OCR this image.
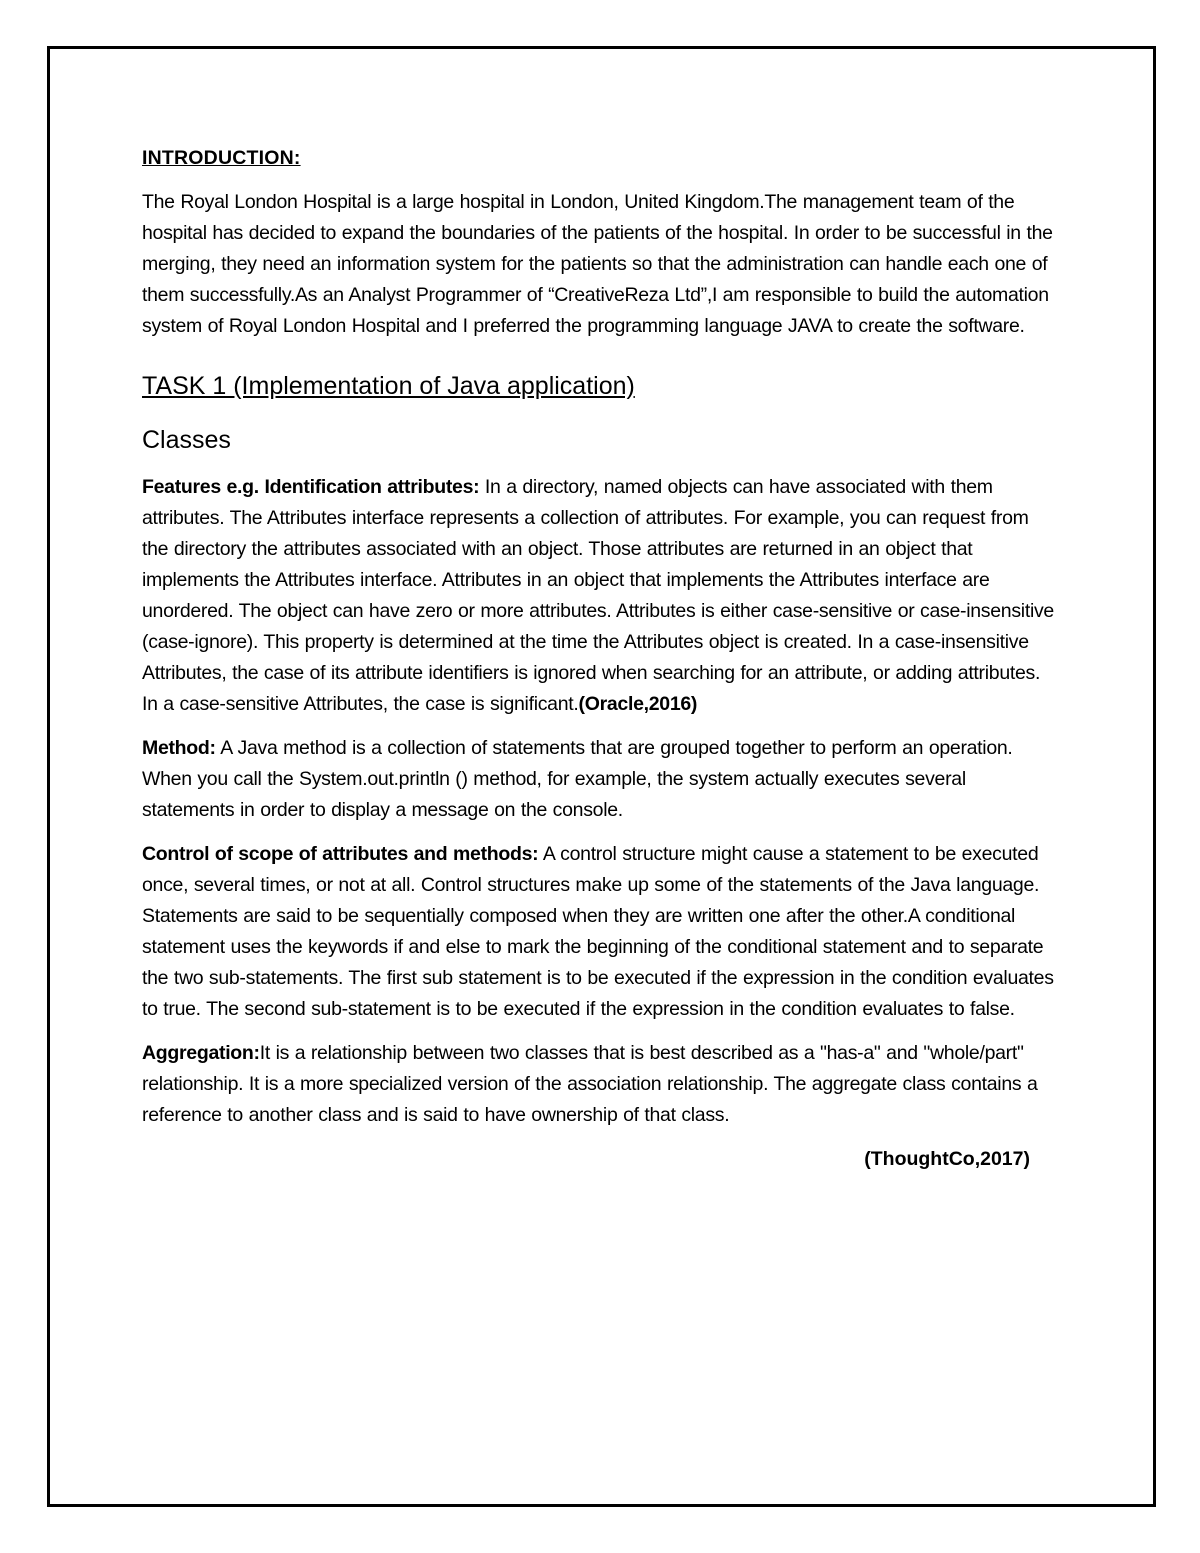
INTRODUCTION:

The Royal London Hospital is a large hospital in London, United Kingdom.The management team of the hospital has decided to expand the boundaries of the patients of the hospital. In order to be successful in the merging, they need an information system for the patients so that the administration can handle each one of them successfully.As an Analyst Programmer of “CreativeReza Ltd”,I am responsible to build the automation system of Royal London Hospital and I preferred the programming language JAVA to create the software.

TASK 1 (Implementation of Java application)
Classes

Features e.g. Identification attributes: In a directory, named objects can have associated with them attributes. The Attributes interface represents a collection of attributes. For example, you can request from the directory the attributes associated with an object. Those attributes are returned in an object that implements the Attributes interface. Attributes in an object that implements the Attributes interface are unordered. The object can have zero or more attributes. Attributes is either case-sensitive or case-insensitive (case-ignore). This property is determined at the time the Attributes object is created. In a case-insensitive Attributes, the case of its attribute identifiers is ignored when searching for an attribute, or adding attributes. In a case-sensitive Attributes, the case is significant.(Oracle,2016)

Method: A Java method is a collection of statements that are grouped together to perform an operation. When you call the System.out.println () method, for example, the system actually executes several statements in order to display a message on the console.

Control of scope of attributes and methods: A control structure might cause a statement to be executed once, several times, or not at all. Control structures make up some of the statements of the Java language. Statements are said to be sequentially composed when they are written one after the other.A conditional statement uses the keywords if and else to mark the beginning of the conditional statement and to separate the two sub-statements. The first sub statement is to be executed if the expression in the condition evaluates to true. The second sub-statement is to be executed if the expression in the condition evaluates to false.

Aggregation:It is a relationship between two classes that is best described as a "has-a" and "whole/part" relationship. It is a more specialized version of the association relationship. The aggregate class contains a reference to another class and is said to have ownership of that class.

(ThoughtCo,2017)
